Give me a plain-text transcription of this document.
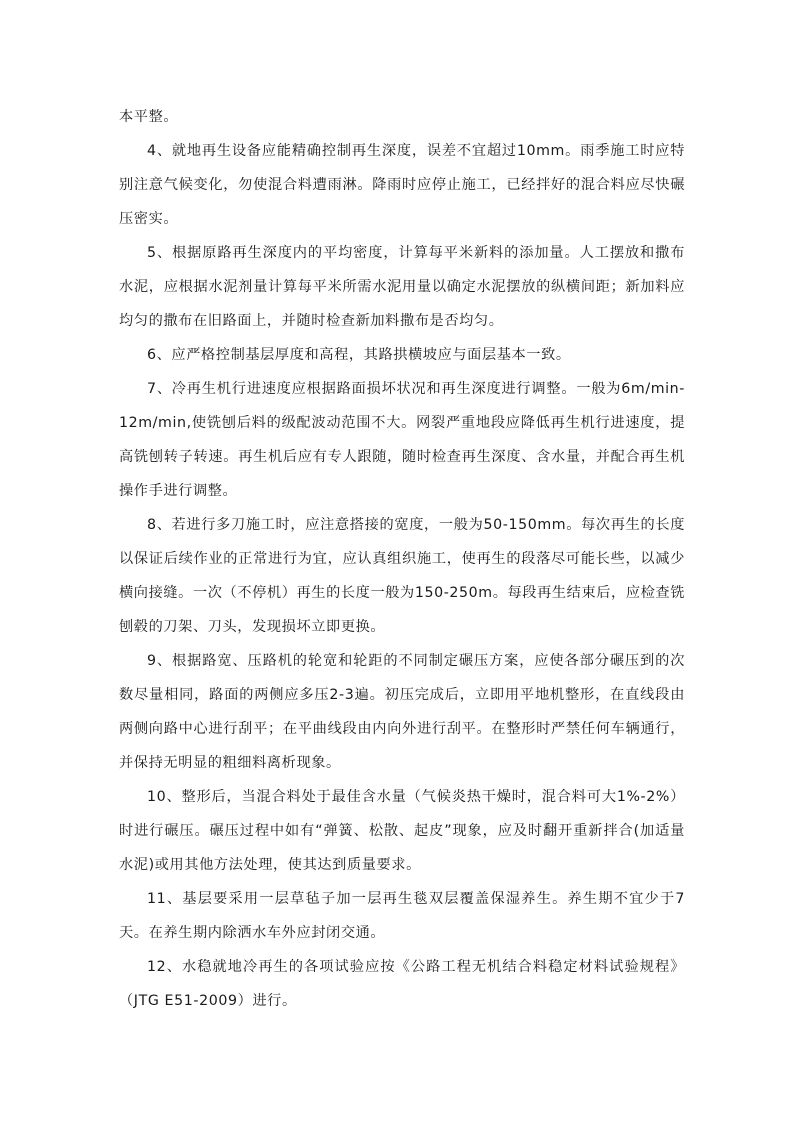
本平整。

4、就地再生设备应能精确控制再生深度，误差不宜超过10mm。雨季施工时应特别注意气候变化，勿使混合料遭雨淋。降雨时应停止施工，已经拌好的混合料应尽快碾压密实。

5、根据原路再生深度内的平均密度，计算每平米新料的添加量。人工摆放和撒布水泥，应根据水泥剂量计算每平米所需水泥用量以确定水泥摆放的纵横间距；新加料应均匀的撒布在旧路面上，并随时检查新加料撒布是否均匀。

6、应严格控制基层厚度和高程，其路拱横坡应与面层基本一致。

7、冷再生机行进速度应根据路面损坏状况和再生深度进行调整。一般为6m/min-12m/min,使铣刨后料的级配波动范围不大。网裂严重地段应降低再生机行进速度，提高铣刨转子转速。再生机后应有专人跟随，随时检查再生深度、含水量，并配合再生机操作手进行调整。

8、若进行多刀施工时，应注意搭接的宽度，一般为50-150mm。每次再生的长度以保证后续作业的正常进行为宜，应认真组织施工，使再生的段落尽可能长些，以减少横向接缝。一次（不停机）再生的长度一般为150-250m。每段再生结束后，应检查铣刨毂的刀架、刀头，发现损坏立即更换。

9、根据路宽、压路机的轮宽和轮距的不同制定碾压方案，应使各部分碾压到的次数尽量相同，路面的两侧应多压2-3遍。初压完成后，立即用平地机整形，在直线段由两侧向路中心进行刮平；在平曲线段由内向外进行刮平。在整形时严禁任何车辆通行，并保持无明显的粗细料离析现象。

10、整形后，当混合料处于最佳含水量（气候炎热干燥时，混合料可大1%-2%）时进行碾压。碾压过程中如有“弹簧、松散、起皮”现象，应及时翻开重新拌合(加适量水泥)或用其他方法处理，使其达到质量要求。

11、基层要采用一层草毡子加一层再生毯双层覆盖保湿养生。养生期不宜少于7天。在养生期内除洒水车外应封闭交通。

12、水稳就地冷再生的各项试验应按《公路工程无机结合料稳定材料试验规程》（JTG E51-2009）进行。
